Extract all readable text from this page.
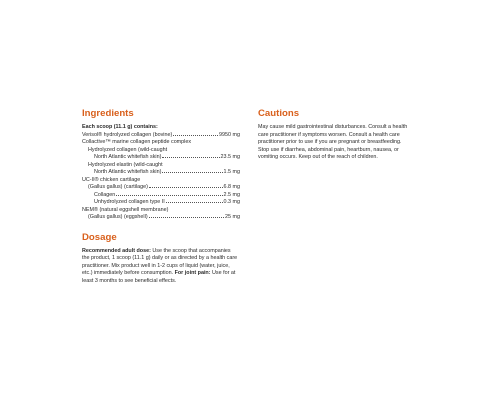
Ingredients
Each scoop (11.1 g) contains:
Verisol® hydrolyzed collagen (bovine)	9950 mg
Collactive™ marine collagen peptide complex
Hydrolyzed collagen (wild-caught
North Atlantic whitefish skin)	23.5 mg
Hydrolyzed elastin (wild-caught
North Atlantic whitefish skin)	1.5 mg
UC-II® chicken cartilage
(Gallus gallus) (cartilage)	6.8 mg
Collagen	2.5 mg
Unhydrolyzed collagen type II	0.3 mg
NEM® (natural eggshell membrane)
(Gallus gallus) (eggshell)	25 mg
Dosage
Recommended adult dose: Use the scoop that accompanies
the product, 1 scoop (11.1 g) daily or as directed by a health care
practitioner. Mix product well in 1-2 cups of liquid (water, juice,
etc.) immediately before consumption. For joint pain: Use for at
least 3 months to see beneficial effects.
Cautions
May cause mild gastrointestinal disturbances. Consult a health
care practitioner if symptoms worsen. Consult a health care
practitioner prior to use if you are pregnant or breastfeeding.
Stop use if diarrhea, abdominal pain, heartburn, nausea, or
vomiting occurs. Keep out of the reach of children.
